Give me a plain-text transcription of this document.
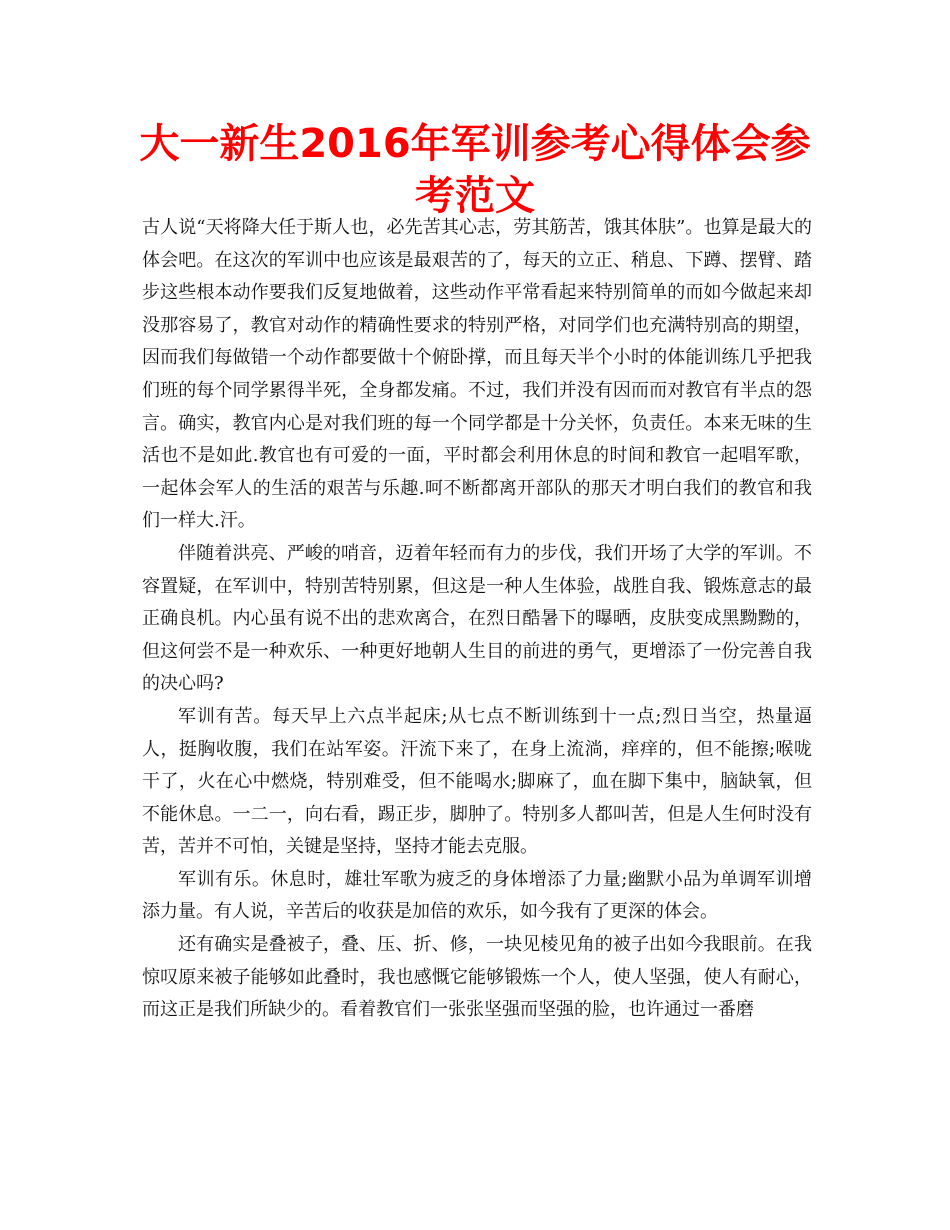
大一新生2016年军训参考心得体会参考范文

古人说“天将降大任于斯人也，必先苦其心志，劳其筋苦，饿其体肤”。也算是最大的体会吧。在这次的军训中也应该是最艰苦的了，每天的立正、稍息、下蹲、摆臂、踏步这些根本动作要我们反复地做着，这些动作平常看起来特别简单的而如今做起来却没那容易了，教官对动作的精确性要求的特别严格，对同学们也充满特别高的期望，因而我们每做错一个动作都要做十个俯卧撑，而且每天半个小时的体能训练几乎把我们班的每个同学累得半死，全身都发痛。不过，我们并没有因而而对教官有半点的怨言。确实，教官内心是对我们班的每一个同学都是十分关怀，负责任。本来无味的生活也不是如此.教官也有可爱的一面，平时都会利用休息的时间和教官一起唱军歌，一起体会军人的生活的艰苦与乐趣.呵不断都离开部队的那天才明白我们的教官和我们一样大.汗。

伴随着洪亮、严峻的哨音，迈着年轻而有力的步伐，我们开场了大学的军训。不容置疑，在军训中，特别苦特别累，但这是一种人生体验，战胜自我、锻炼意志的最正确良机。内心虽有说不出的悲欢离合，在烈日酷暑下的曝晒，皮肤变成黑黝黝的，但这何尝不是一种欢乐、一种更好地朝人生目的前进的勇气，更增添了一份完善自我的决心吗?

军训有苦。每天早上六点半起床;从七点不断训练到十一点;烈日当空，热量逼人，挺胸收腹，我们在站军姿。汗流下来了，在身上流淌，痒痒的，但不能擦;喉咙干了，火在心中燃烧，特别难受，但不能喝水;脚麻了，血在脚下集中，脑缺氧，但不能休息。一二一，向右看，踢正步，脚肿了。特别多人都叫苦，但是人生何时没有苦，苦并不可怕，关键是坚持，坚持才能去克服。

军训有乐。休息时，雄壮军歌为疲乏的身体增添了力量;幽默小品为单调军训增添力量。有人说，辛苦后的收获是加倍的欢乐，如今我有了更深的体会。

还有确实是叠被子，叠、压、折、修，一块见棱见角的被子出如今我眼前。在我惊叹原来被子能够如此叠时，我也感慨它能够锻炼一个人，使人坚强，使人有耐心，而这正是我们所缺少的。看着教官们一张张坚强而坚强的脸，也许通过一番磨
